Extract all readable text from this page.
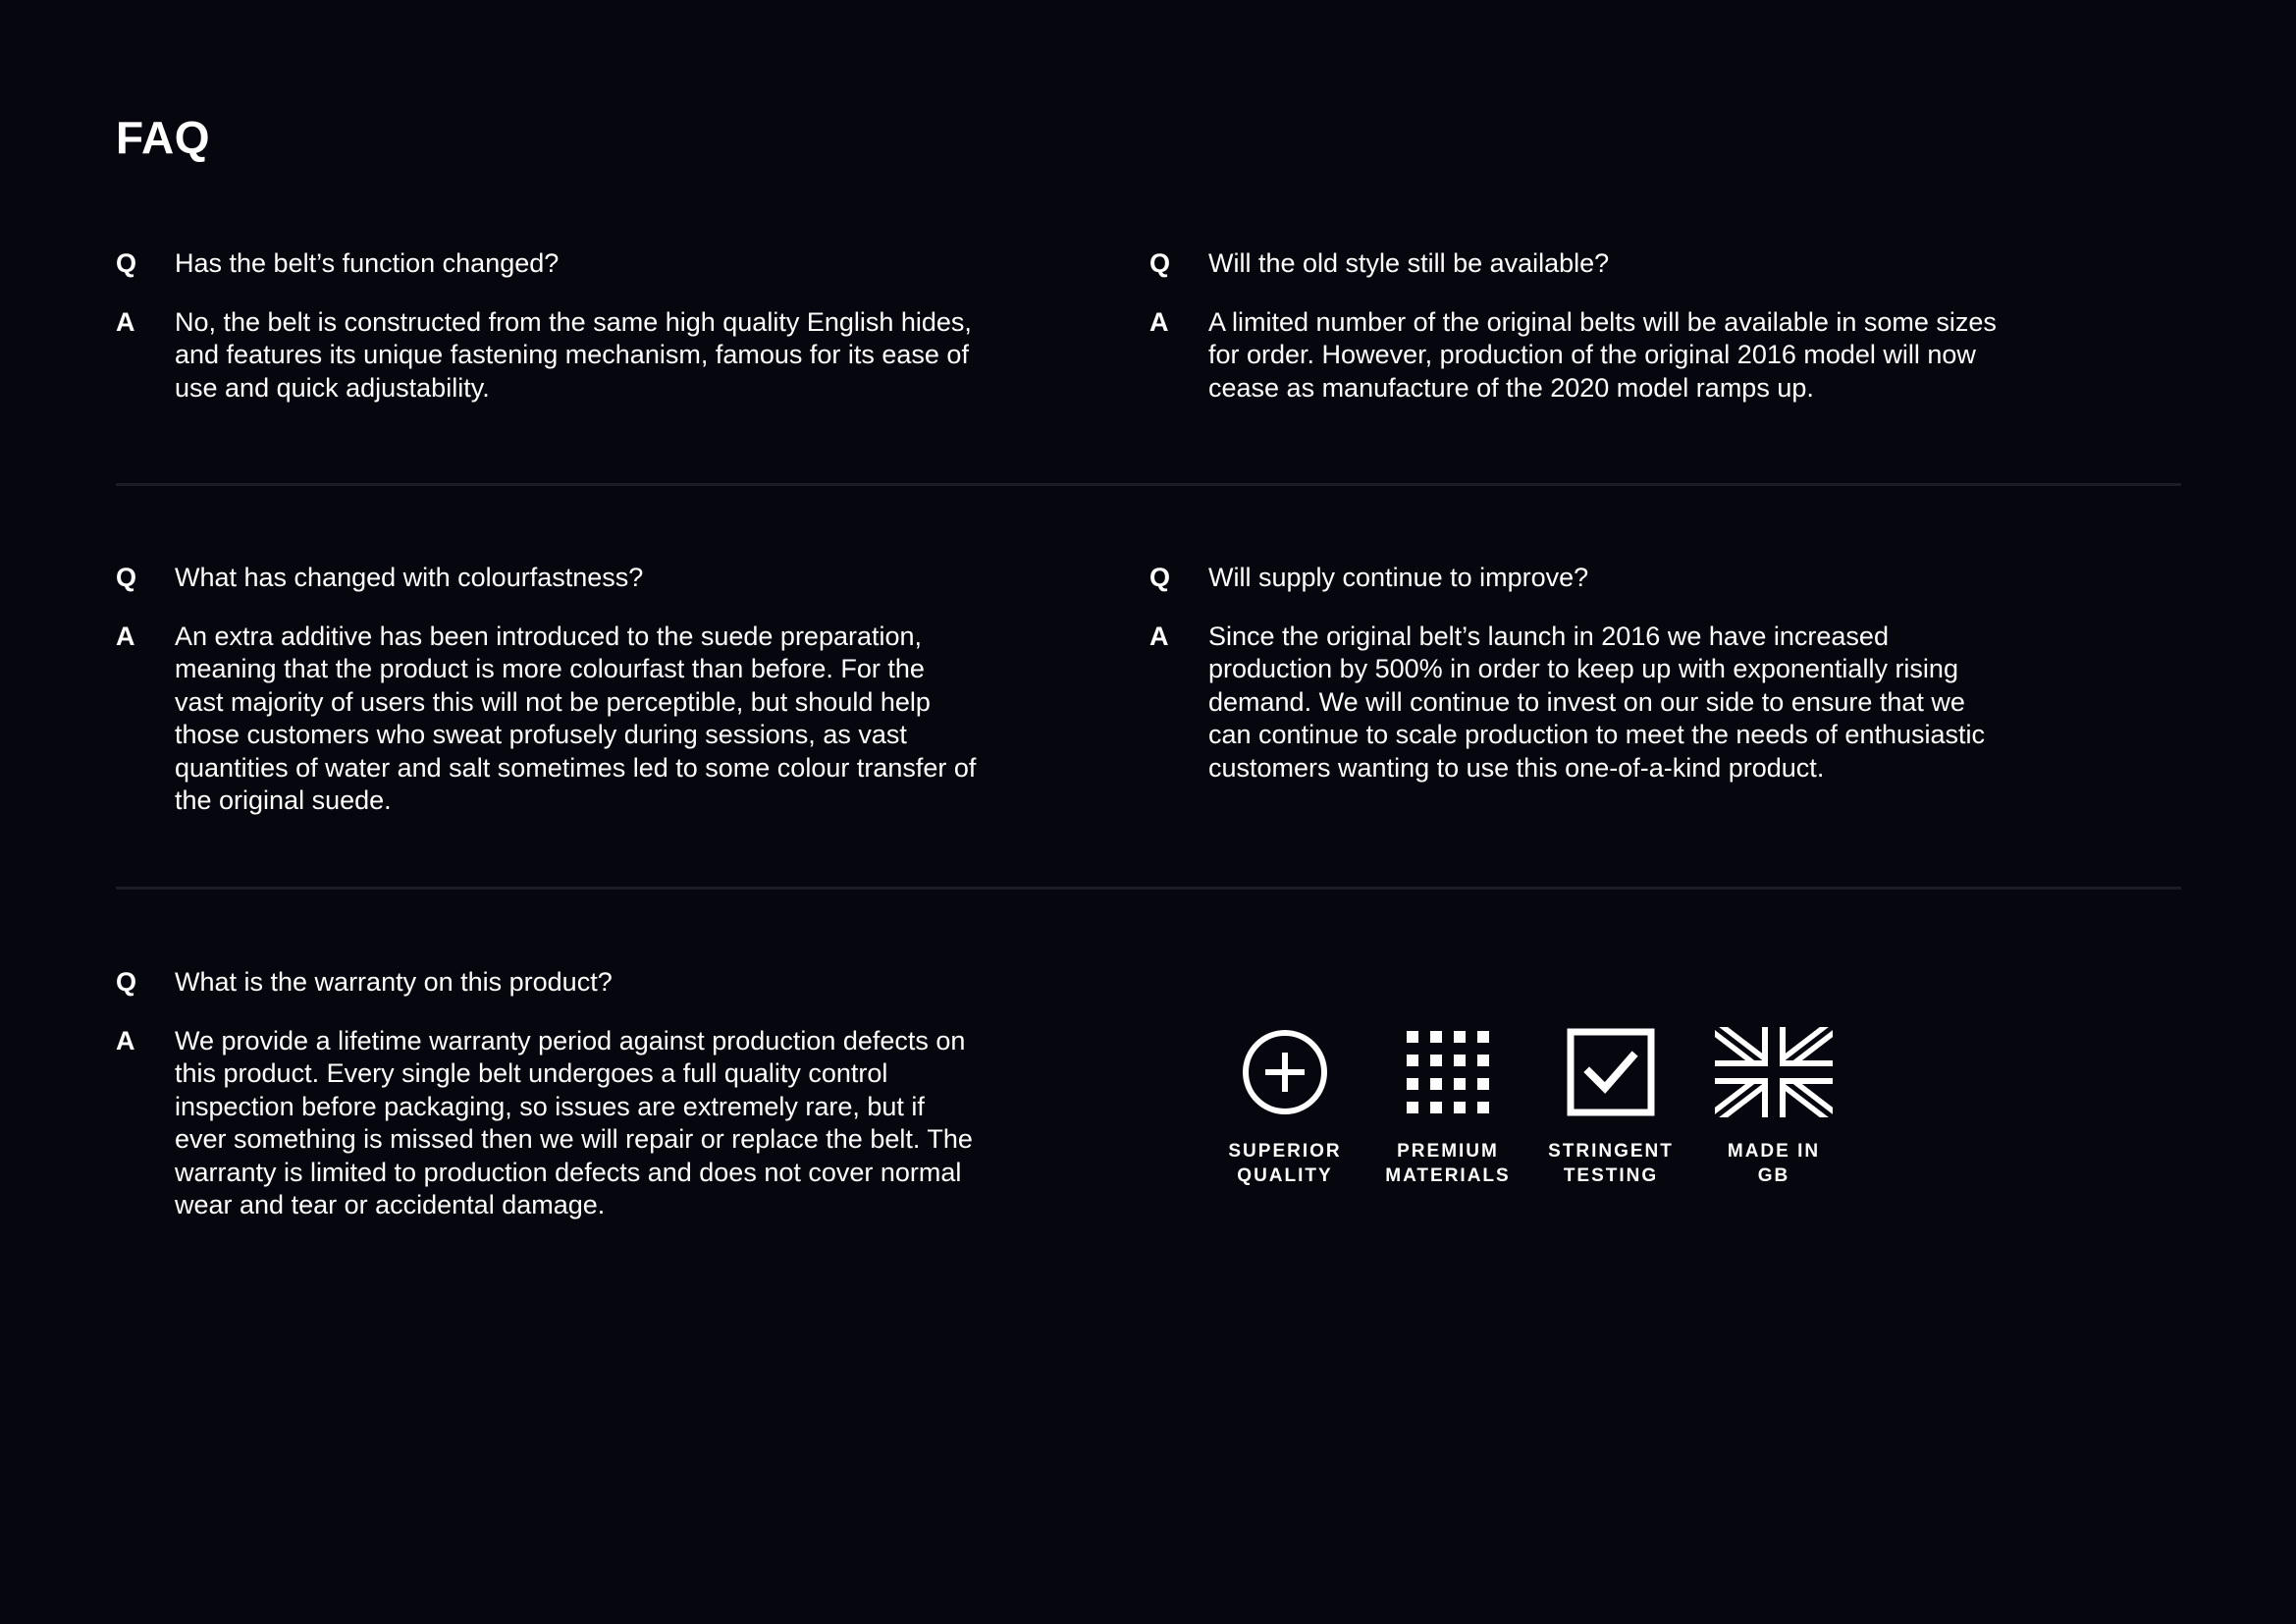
FAQ
Q	Has the belt’s function changed?
A	No, the belt is constructed from the same high quality English hides, and features its unique fastening mechanism, famous for its ease of use and quick adjustability.
Q	Will the old style still be available?
A	A limited number of the original belts will be available in some sizes for order. However, production of the original 2016 model will now cease as manufacture of the 2020 model ramps up.
Q	What has changed with colourfastness?
A	An extra additive has been introduced to the suede preparation, meaning that the product is more colourfast than before. For the vast majority of users this will not be perceptible, but should help those customers who sweat profusely during sessions, as vast quantities of water and salt sometimes led to some colour transfer of the original suede.
Q	Will supply continue to improve?
A	Since the original belt’s launch in 2016 we have increased production by 500% in order to keep up with exponentially rising demand. We will continue to invest on our side to ensure that we can continue to scale production to meet the needs of enthusiastic customers wanting to use this one-of-a-kind product.
Q	What is the warranty on this product?
A	We provide a lifetime warranty period against production defects on this product. Every single belt undergoes a full quality control inspection before packaging, so issues are extremely rare, but if ever something is missed then we will repair or replace the belt. The warranty is limited to production defects and does not cover normal wear and tear or accidental damage.
SUPERIOR
QUALITY
PREMIUM
MATERIALS
STRINGENT
TESTING
MADE IN
GB
